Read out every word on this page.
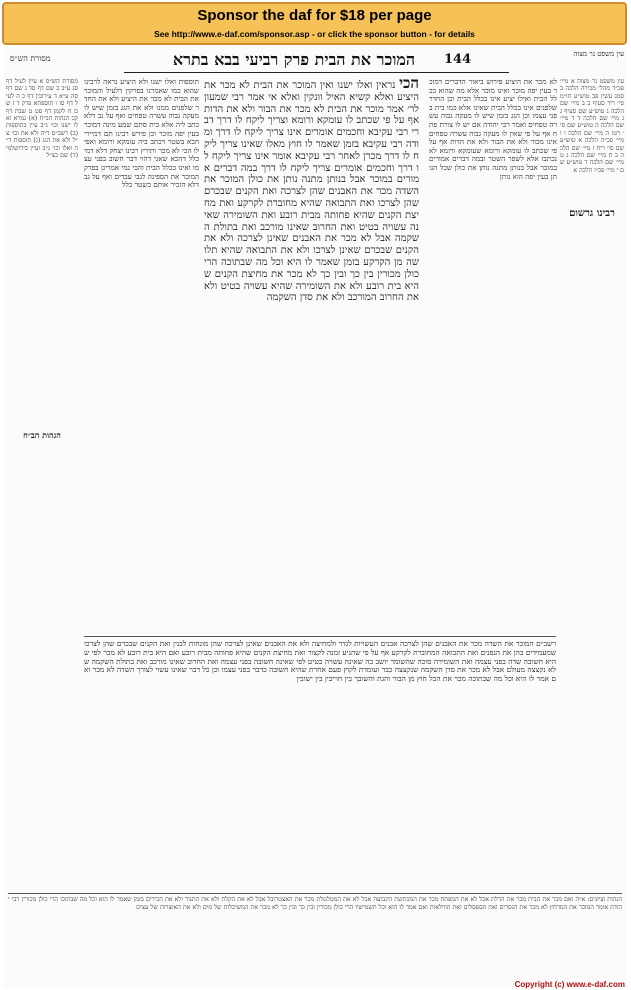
Sponsor the daf for $18 per page
See http://www.e-daf.com/sponsor.asp - or click the sponsor button - for details
מסורת הש״ס	המוכר את הבית פרק רביעי בבא בתרא	144	עין משפט נר מצוה
הכי נראין ואלו ישנו ואין המוכר את הבית לא מכר את היציע ואלא קשיא האיל וונקין ואלא אי אמר רבי שמעון לר׳ אמר מוכר את הבית לא מכר את הבור ולא את הדות אף על פי שכתב לו עומקא ורומא וצריך ליקח לו דרך דברי רבי עקיבא וחכמים אומרים אינו צריך ליקח לו דרך ומודה רבי עקיבא בזמן שאמר לו חוץ מאלו שאינו צריך ליקח לו דרך מכרן לאחר רבי עקיבא אומר אינו צריך ליקח לו דרך וחכמים אומרים צריך ליקח לו דרך במה דברים אמורים במוכר אבל בנותן מתנה נותן את כולן המוכר את השדה מכר את האבנים שהן לצרכה ואת הקנים שבכרם שהן לצרכו ואת התבואה שהיא מחוברת לקרקע ואת מחיצת הקנים שהיא פחותה מבית רובע ואת השומירה שאינה עשויה בטיט ואת החרוב שאינו מורכב ואת בתולת השקמה אבל לא מכר את האבנים שאינן לצרכה ולא את הקנים שבכרם שאינן לצרכו ולא את התבואה שהיא תלושה מן הקרקע בזמן שאמר לו היא וכל מה שבתוכה הרי כולן מכורין בין כך ובין כך לא מכר את מחיצת הקנים שהיא בית רובע ולא את השומירה שהיא עשויה בטיט ולא את החרוב המורכב ולא את סדן השקמה
לא מכר את היציע פירוש ביאור הדברים דמוכר בעין יפה מוכר ואינו מוכר אלא מה שהוא בכלל הבית ואילו יציע אינו בכלל הבית וכן החדר שלפנים אינו בכלל הבית שאינו אלא כמו בית בפני עצמו וכן הגג בזמן שיש לו מעקה גבוה עשרה טפחים ואמר רבי יהודה אם יש לו צורת פתח אף על פי שאין לו מעקה גבוה עשרה טפחים אינו מכור ולא את הבור ולא את הדות אף על פי שכתב לו עומקא ורומא שעומקא ורומא לא נכתבו אלא לשפר השטר ובמה דברים אמורים במוכר אבל בנותן מתנה נותן את כולן שכל הנותן בעין יפה הוא נותן
תוספות ואלו ישנו ולא היציע נראה לרבינו שהוא כמו שאמרנו בפרקין דלעיל והמוכר את הבית לא מכר את היציע ולא את החדר שלפנים ממנו ולא את הגג בזמן שיש לו מעקה גבוה עשרה טפחים ואף על גב דלא כתב ליה אלא בית סתם שמע מינה דמוכר בעין יפה מוכר וכן פירש רבינו תם דמיירי הכא בשטר דכתב ביה עומקא ורומא ואפילו הכי לא מכר ותירץ רבינו יצחק דלא דמי כלל דהכא שאני דהוי דבר חשוב בפני עצמו ואינו בכלל הבית והכי נמי אמרינן בפרק המוכר את הספינה לגבי עבדים ואף על גב דלא הזכיר אותם בשטר כלל
מסורת הש״ס א עיין לעיל דף סג ע״ב ב שם דף סד ג שם דף סה ע״א ד עירובין דף כ ה לעיל דף סו ו תוספתא פרק ד ז שם ח לקמן דף סט ט שבת דף קכ הגהות הב״ח (א) גמרא ואלו ישנו וכו׳ נ״ב עיין בתוספות (ב) רשב״ם ד״ה ולא את וכו׳ צ״ל ולא את הגג (ג) תוספות ד״ה ואלו וכו׳ נ״ב ועיין בירושלמי (ד) שם כצ״ל
עין משפט נר מצוה א מיי׳ פכ״ד מהל׳ מכירה הלכה ב סמג עשין פב טוש״ע חו״מ סי׳ ריד סעיף ב ב מיי׳ שם הלכה ג טוש״ע שם סעיף ג ג מיי׳ שם הלכה ד ד מיי׳ שם הלכה ה טוש״ע שם סי׳ רטו ה מיי׳ שם הלכה ו ו מיי׳ פכ״ה הלכה א טוש״ע שם סי׳ ריח ז מיי׳ שם הלכה ב ח מיי׳ שם הלכה ג ט מיי׳ שם הלכה ד טוש״ע שם י מיי׳ פכ״ו הלכה א
רבינו גרשום
הגהות הב״ח
רשב״ם המוכר את השדה מכר את האבנים שהן לצרכה אבנים העשויות לגדר ולמחיצה ולא את האבנים שאינן לצרכה שהן מונחות לבנין ואת הקנים שבכרם שהן לצרכו שמעמידים בהן את הגפנים ואת התבואה המחוברת לקרקע אף על פי שהגיע זמנה לקצור ואת מחיצת הקנים שהיא פחותה מבית רובע ואם היא בית רובע לא מכר לפי שהיא חשובה שדה בפני עצמה ואת השומירה סוכה שהשומר יושב בה שאינה עשויה בטיט לפי שאינה חשובה בפני עצמה ואת החרוב שאינו מורכב ואת בתולת השקמה שלא נקצצה מעולם אבל לא מכר את סדן השקמה שנקצצה כבר ועומדת לקוץ פעם אחרת שהיא חשובה כדבר בפני עצמו וכן כל דבר שאינו עשוי לצורך השדה לא מכר ואם אמר לו היא וכל מה שבתוכה מכר את הכל חוץ מן הבור והגת והשובך בין חריבין בין ישובין
הגהות וציונים: א״ה ואם מכר את הבית מכר את הדלת אבל לא את המפתח מכר את המכתשת הקבועה אבל לא את המטלטלת מכר את האצטרובל אבל לא את הקלת ולא את התנור ולא את הכירים בזמן שאמר לו הוא וכל מה שבתוכו הרי כולן מכורין רבי יהודה אומר המוכר את המרחץ לא מכר את הנסרים ואת הספסלים ואת הווילאות ואם אמר לו הוא וכל תשמישיו הרי כולן מכורין ובין כך ובין כך לא מכר את המשיכלות של מים ולא את האוצרות של עצים
Copyright (c) www.e-daf.com
